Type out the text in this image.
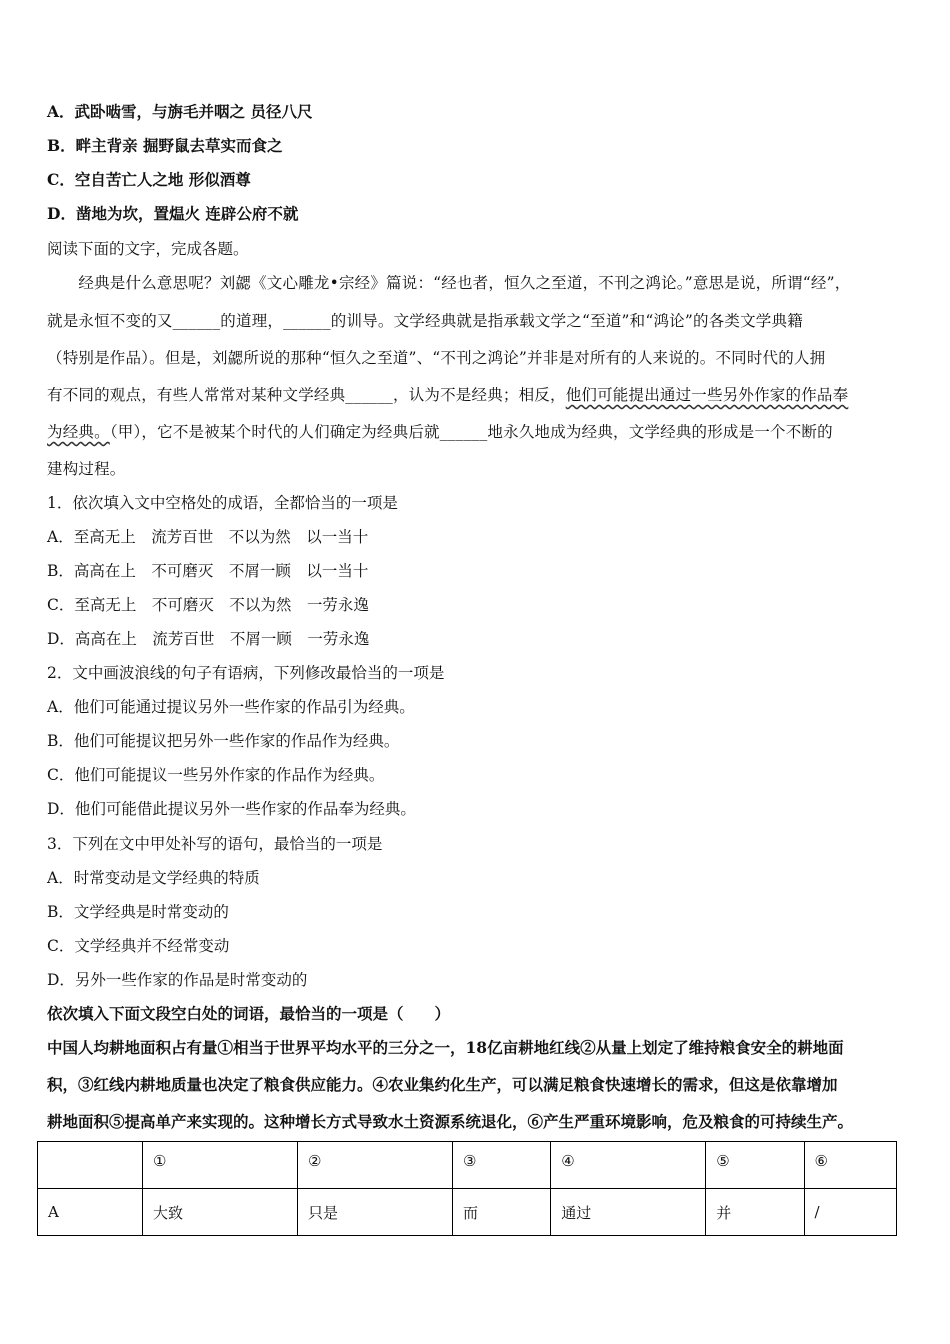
A．武卧啮雪，与旃毛并咽之 员径八尺
B．畔主背亲 掘野鼠去草实而食之
C．空自苦亡人之地 形似酒尊
D．凿地为坎，置煴火 连辟公府不就
阅读下面的文字，完成各题。
　　经典是什么意思呢？刘勰《文心雕龙•宗经》篇说：“经也者，恒久之至道，不刊之鸿论。”意思是说，所谓“经”，
就是永恒不变的又______的道理，______的训导。文学经典就是指承载文学之“至道”和“鸿论”的各类文学典籍
（特别是作品）。但是，刘勰所说的那种“恒久之至道”、“不刊之鸿论”并非是对所有的人来说的。不同时代的人拥
有不同的观点，有些人常常对某种文学经典______，认为不是经典；相反，他们可能提出通过一些另外作家的作品奉
为经典。（甲），它不是被某个时代的人们确定为经典后就______地永久地成为经典，文学经典的形成是一个不断的
建构过程。
1．依次填入文中空格处的成语，全都恰当的一项是
A．至高无上　流芳百世　不以为然　以一当十
B．高高在上　不可磨灭　不屑一顾　以一当十
C．至高无上　不可磨灭　不以为然　一劳永逸
D．高高在上　流芳百世　不屑一顾　一劳永逸
2．文中画波浪线的句子有语病，下列修改最恰当的一项是
A．他们可能通过提议另外一些作家的作品引为经典。
B．他们可能提议把另外一些作家的作品作为经典。
C．他们可能提议一些另外作家的作品作为经典。
D．他们可能借此提议另外一些作家的作品奉为经典。
3．下列在文中甲处补写的语句，最恰当的一项是
A．时常变动是文学经典的特质
B．文学经典是时常变动的
C．文学经典并不经常变动
D．另外一些作家的作品是时常变动的
依次填入下面文段空白处的词语，最恰当的一项是（　　）
中国人均耕地面积占有量①相当于世界平均水平的三分之一，18亿亩耕地红线②从量上划定了维持粮食安全的耕地面
积，③红线内耕地质量也决定了粮食供应能力。④农业集约化生产，可以满足粮食快速增长的需求，但这是依靠增加
耕地面积⑤提高单产来实现的。这种增长方式导致水土资源系统退化，⑥产生严重环境影响，危及粮食的可持续生产。
	①	②	③	④	⑤	⑥
A	大致	只是	而	通过	并	/
